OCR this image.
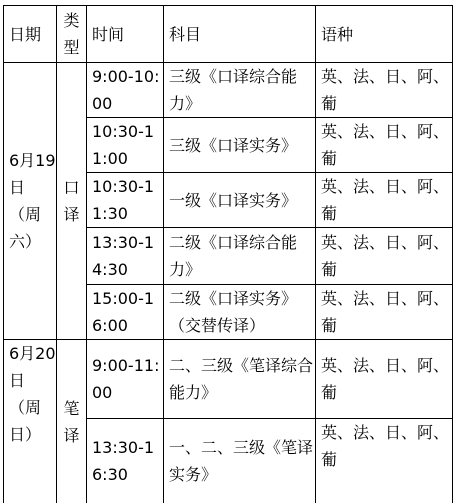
日期	类型	时间	科目	语种
6月19日（周六）	口译	9:00-10:00	三级《口译综合能力》	英、法、日、阿、葡
		10:30-11:00	三级《口译实务》	英、法、日、阿、葡
		10:30-11:30	一级《口译实务》	英、法、日、阿、葡
		13:30-14:30	二级《口译综合能力》	英、法、日、阿、葡
		15:00-16:00	二级《口译实务》（交替传译）	英、法、日、阿、葡
6月20日（周日）	笔译	9:00-11:00	二、三级《笔译综合能力》	英、法、日、阿、葡
		13:30-16:30	一、二、三级《笔译实务》	英、法、日、阿、葡
